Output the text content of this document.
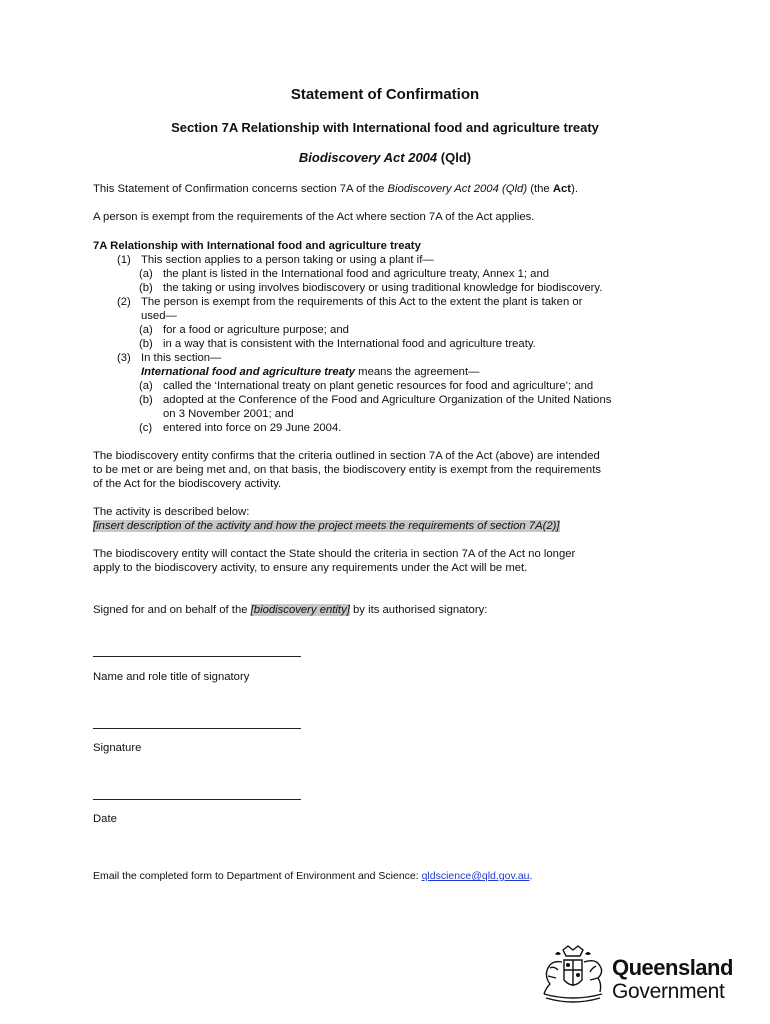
Statement of Confirmation
Section 7A Relationship with International food and agriculture treaty
Biodiscovery Act 2004 (Qld)
This Statement of Confirmation concerns section 7A of the Biodiscovery Act 2004 (Qld) (the Act).
A person is exempt from the requirements of the Act where section 7A of the Act applies.
7A Relationship with International food and agriculture treaty
(1) This section applies to a person taking or using a plant if—
(a) the plant is listed in the International food and agriculture treaty, Annex 1; and
(b) the taking or using involves biodiscovery or using traditional knowledge for biodiscovery.
(2) The person is exempt from the requirements of this Act to the extent the plant is taken or
used—
(a) for a food or agriculture purpose; and
(b) in a way that is consistent with the International food and agriculture treaty.
(3) In this section—
International food and agriculture treaty means the agreement—
(a) called the ‘International treaty on plant genetic resources for food and agriculture’; and
(b) adopted at the Conference of the Food and Agriculture Organization of the United Nations
on 3 November 2001; and
(c) entered into force on 29 June 2004.
The biodiscovery entity confirms that the criteria outlined in section 7A of the Act (above) are intended
to be met or are being met and, on that basis, the biodiscovery entity is exempt from the requirements
of the Act for the biodiscovery activity.
The activity is described below:
[insert description of the activity and how the project meets the requirements of section 7A(2)]
The biodiscovery entity will contact the State should the criteria in section 7A of the Act no longer
apply to the biodiscovery activity, to ensure any requirements under the Act will be met.
Signed for and on behalf of the [biodiscovery entity] by its authorised signatory:
Name and role title of signatory
Signature
Date
Email the completed form to Department of Environment and Science: qldscience@qld.gov.au.
Queensland
Government
